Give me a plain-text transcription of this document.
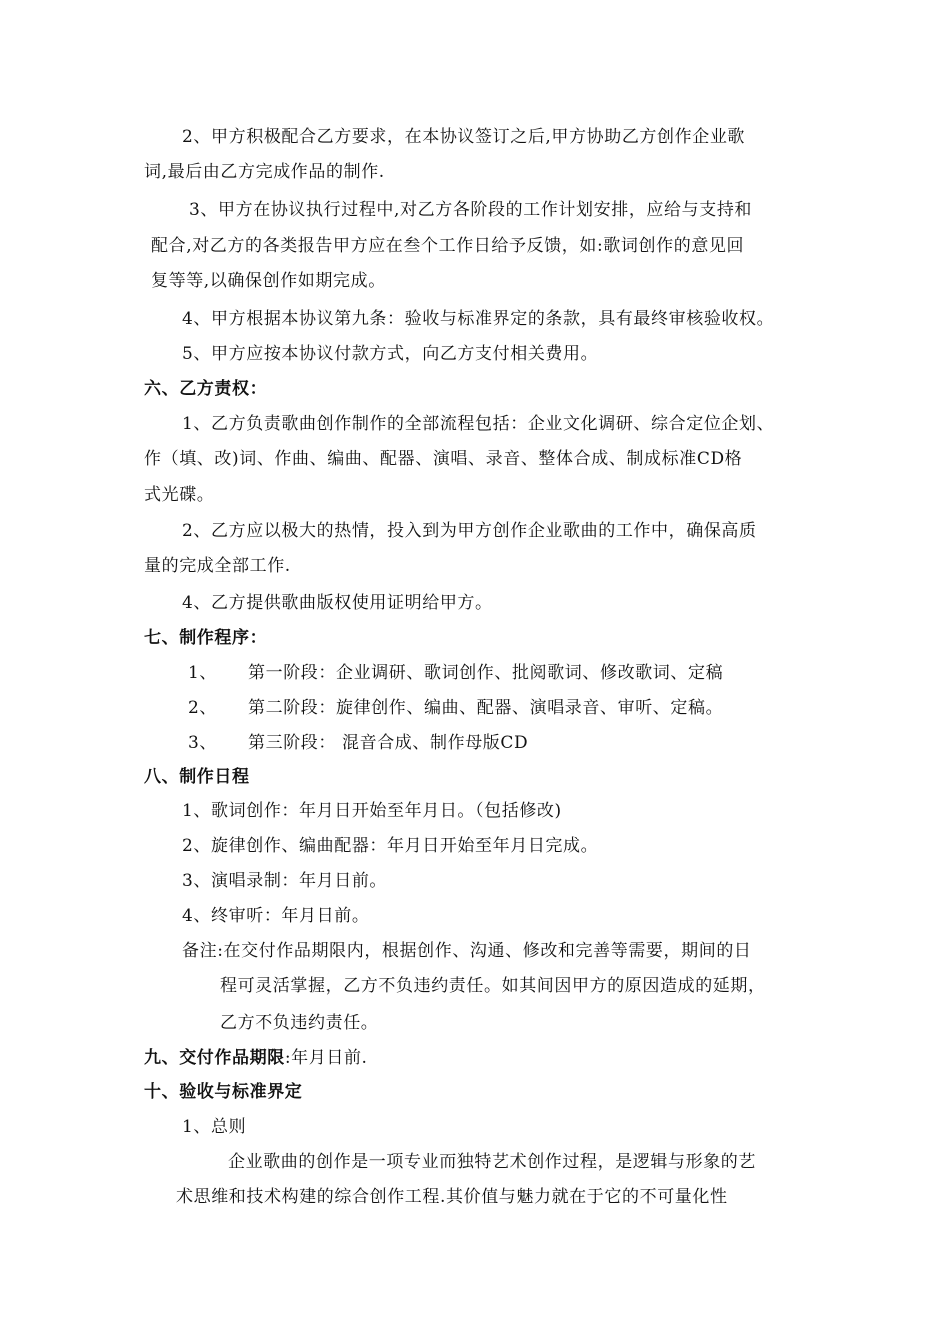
2、甲方积极配合乙方要求，在本协议签订之后,甲方协助乙方创作企业歌
词,最后由乙方完成作品的制作.
3、甲方在协议执行过程中,对乙方各阶段的工作计划安排，应给与支持和
配合,对乙方的各类报告甲方应在叁个工作日给予反馈，如:歌词创作的意见回
复等等,以确保创作如期完成。
4、甲方根据本协议第九条：验收与标准界定的条款，具有最终审核验收权。
5、甲方应按本协议付款方式，向乙方支付相关费用。
六、乙方责权：
1、乙方负责歌曲创作制作的全部流程包括：企业文化调研、综合定位企划、
作（填、改)词、作曲、编曲、配器、演唱、录音、整体合成、制成标准CD格
式光碟。
2、乙方应以极大的热情，投入到为甲方创作企业歌曲的工作中，确保高质
量的完成全部工作.
4、乙方提供歌曲版权使用证明给甲方。
七、制作程序：
1、 第一阶段：企业调研、歌词创作、批阅歌词、修改歌词、定稿
2、 第二阶段：旋律创作、编曲、配器、演唱录音、审听、定稿。
3、 第三阶段： 混音合成、制作母版CD
八、制作日程
1、歌词创作：年月日开始至年月日。（包括修改)
2、旋律创作、编曲配器：年月日开始至年月日完成。
3、演唱录制：年月日前。
4、终审听：年月日前。
备注:在交付作品期限内，根据创作、沟通、修改和完善等需要，期间的日
程可灵活掌握，乙方不负违约责任。如其间因甲方的原因造成的延期，
乙方不负违约责任。
九、交付作品期限:年月日前.
十、验收与标准界定
1、总则
企业歌曲的创作是一项专业而独特艺术创作过程，是逻辑与形象的艺
术思维和技术构建的综合创作工程.其价值与魅力就在于它的不可量化性
